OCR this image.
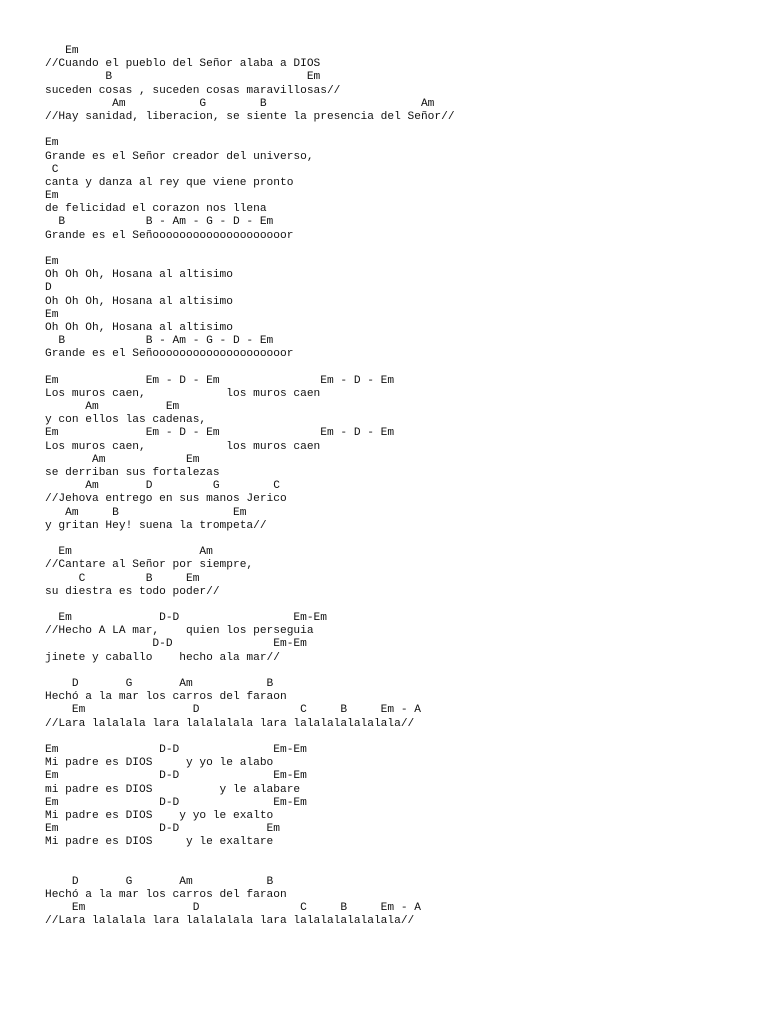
Em
//Cuando el pueblo del Señor alaba a DIOS
B                             Em
suceden cosas , suceden cosas maravillosas//
Am           G        B                       Am
//Hay sanidad, liberacion, se siente la presencia del Señor//
Em
Grande es el Señor creador del universo,
C
canta y danza al rey que viene pronto
Em
de felicidad el corazon nos llena
B            B - Am - G - D - Em
Grande es el Señoooooooooooooooooooor
Em
Oh Oh Oh, Hosana al altisimo
D
Oh Oh Oh, Hosana al altisimo
Em
Oh Oh Oh, Hosana al altisimo
B            B - Am - G - D - Em
Grande es el Señoooooooooooooooooooor
Em             Em - D - Em               Em - D - Em
Los muros caen,            los muros caen
Am          Em
y con ellos las cadenas,
Em             Em - D - Em               Em - D - Em
Los muros caen,            los muros caen
Am            Em
se derriban sus fortalezas
Am       D         G        C
//Jehova entrego en sus manos Jerico
Am     B                 Em
y gritan Hey! suena la trompeta//
Em                   Am
//Cantare al Señor por siempre,
C         B     Em
su diestra es todo poder//
Em             D-D                 Em-Em
//Hecho A LA mar,    quien los perseguia
D-D               Em-Em
jinete y caballo    hecho ala mar//
D       G       Am           B
Hechó a la mar los carros del faraon
Em                D               C     B     Em - A
//Lara lalalala lara lalalalala lara lalalalalalalala//
Em               D-D              Em-Em
Mi padre es DIOS     y yo le alabo
Em               D-D              Em-Em
mi padre es DIOS          y le alabare
Em               D-D              Em-Em
Mi padre es DIOS    y yo le exalto
Em               D-D             Em
Mi padre es DIOS     y le exaltare
D       G       Am           B
Hechó a la mar los carros del faraon
Em                D               C     B     Em - A
//Lara lalalala lara lalalalala lara lalalalalalalala//
